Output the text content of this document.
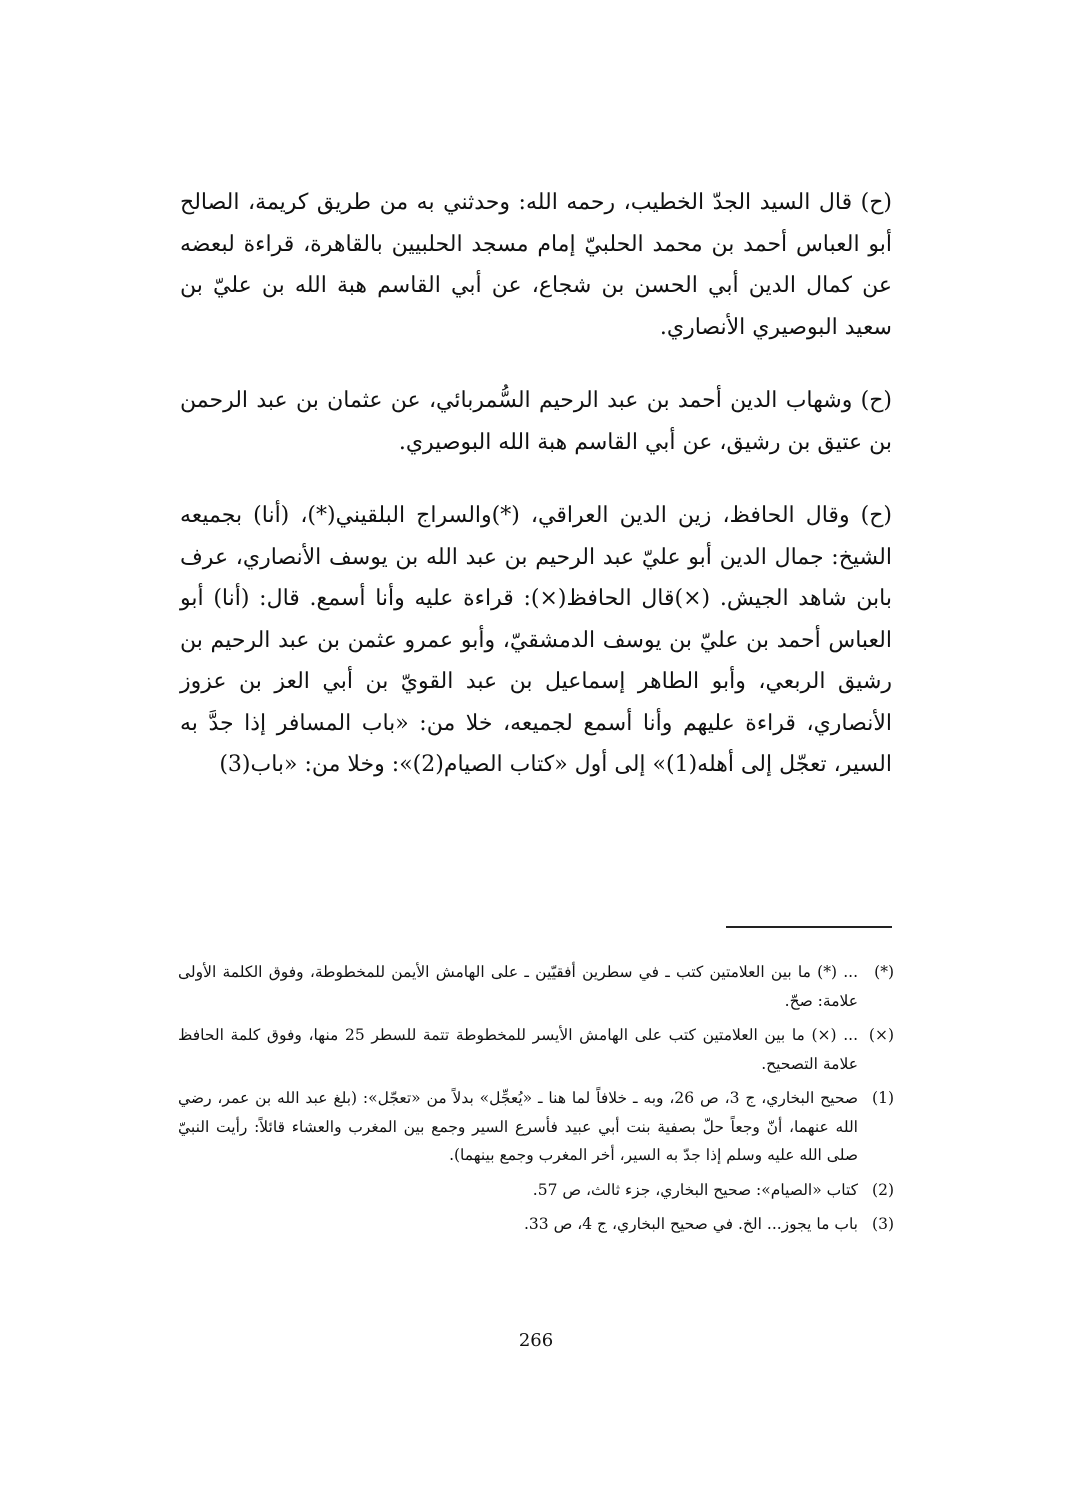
(ح) قال السيد الجدّ الخطيب، رحمه الله: وحدثني به من طريق كريمة، الصالح أبو العباس أحمد بن محمد الحلبيّ إمام مسجد الحلبيين بالقاهرة، قراءة لبعضه عن كمال الدين أبي الحسن بن شجاع، عن أبي القاسم هبة الله بن عليّ بن سعيد البوصيري الأنصاري.

(ح) وشهاب الدين أحمد بن عبد الرحيم السُّمربائي، عن عثمان بن عبد الرحمن بن عتيق بن رشيق، عن أبي القاسم هبة الله البوصيري.

(ح) وقال الحافظ، زين الدين العراقي، (*)والسراج البلقيني(*)، (أنا) بجميعه الشيخ: جمال الدين أبو عليّ عبد الرحيم بن عبد الله بن يوسف الأنصاري، عرف بابن شاهد الجيش. (×)قال الحافظ(×): قراءة عليه وأنا أسمع. قال: (أنا) أبو العباس أحمد بن عليّ بن يوسف الدمشقيّ، وأبو عمرو عثمن بن عبد الرحيم بن رشيق الربعي، وأبو الطاهر إسماعيل بن عبد القويّ بن أبي العز بن عزوز الأنصاري، قراءة عليهم وأنا أسمع لجميعه، خلا من: «باب المسافر إذا جدَّ به السير، تعجّل إلى أهله(1)» إلى أول «كتاب الصيام(2)»: وخلا من: «باب(3)

(*)
... (*) ما بين العلامتين كتب ـ في سطرين أفقيّين ـ على الهامش الأيمن للمخطوطة، وفوق الكلمة الأولى علامة: صحّ.
(×)
... (×) ما بين العلامتين كتب على الهامش الأيسر للمخطوطة تتمة للسطر 25 منها، وفوق كلمة الحافظ علامة التصحيح.
(1)
صحيح البخاري، ج 3، ص 26، وبه ـ خلافاً لما هنا ـ «يُعجِّل» بدلاً من «تعجّل»: (بلغ عبد الله بن عمر، رضي الله عنهما، أنّ وجعاً حلّ بصفية بنت أبي عبيد فأسرع السير وجمع بين المغرب والعشاء قائلاً: رأيت النبيّ صلى الله عليه وسلم إذا جدّ به السير، أخر المغرب وجمع بينهما).
(2)
كتاب «الصيام»: صحيح البخاري، جزء ثالث، ص 57.
(3)
باب ما يجوز... الخ. في صحيح البخاري، ج 4، ص 33.
266
